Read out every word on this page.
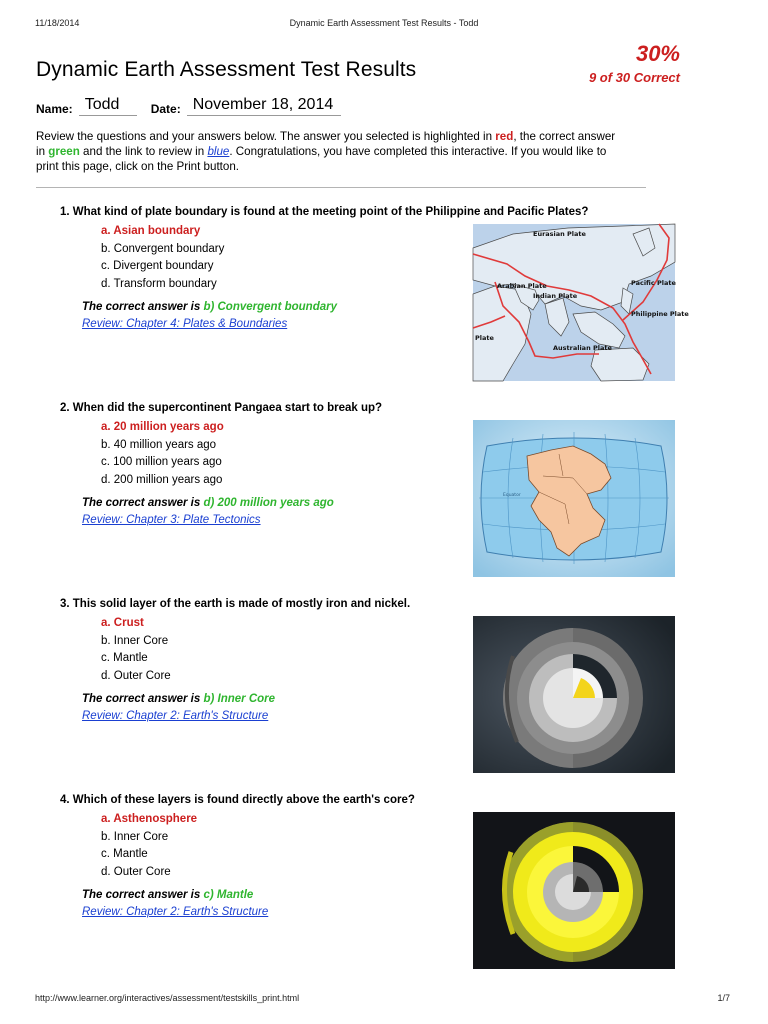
11/18/2014	Dynamic Earth Assessment Test Results - Todd
Dynamic Earth Assessment Test Results
30%
9 of 30 Correct
Name: Todd	Date: November 18, 2014

Review the questions and your answers below. The answer you selected is highlighted in red, the correct answer in green and the link to review in blue. Congratulations, you have completed this interactive. If you would like to print this page, click on the Print button.

1. What kind of plate boundary is found at the meeting point of the Philippine and Pacific Plates?

a. Asian boundary
b. Convergent boundary
c. Divergent boundary
d. Transform boundary

The correct answer is b) Convergent boundary

Review: Chapter 4: Plates & Boundaries
Eurasian Plate
Pacific Plate
Arabian Plate
Indian Plate
Philippine Plate
Australian Plate
Plate

2. When did the supercontinent Pangaea start to break up?

a. 20 million years ago
b. 40 million years ago
c. 100 million years ago
d. 200 million years ago

The correct answer is d) 200 million years ago

Review: Chapter 3: Plate Tectonics
Equator

3. This solid layer of the earth is made of mostly iron and nickel.

a. Crust
b. Inner Core
c. Mantle
d. Outer Core

The correct answer is b) Inner Core

Review: Chapter 2: Earth's Structure

4. Which of these layers is found directly above the earth's core?

a. Asthenosphere
b. Inner Core
c. Mantle
d. Outer Core

The correct answer is c) Mantle

Review: Chapter 2: Earth's Structure
http://www.learner.org/interactives/assessment/testskills_print.html	1/7
